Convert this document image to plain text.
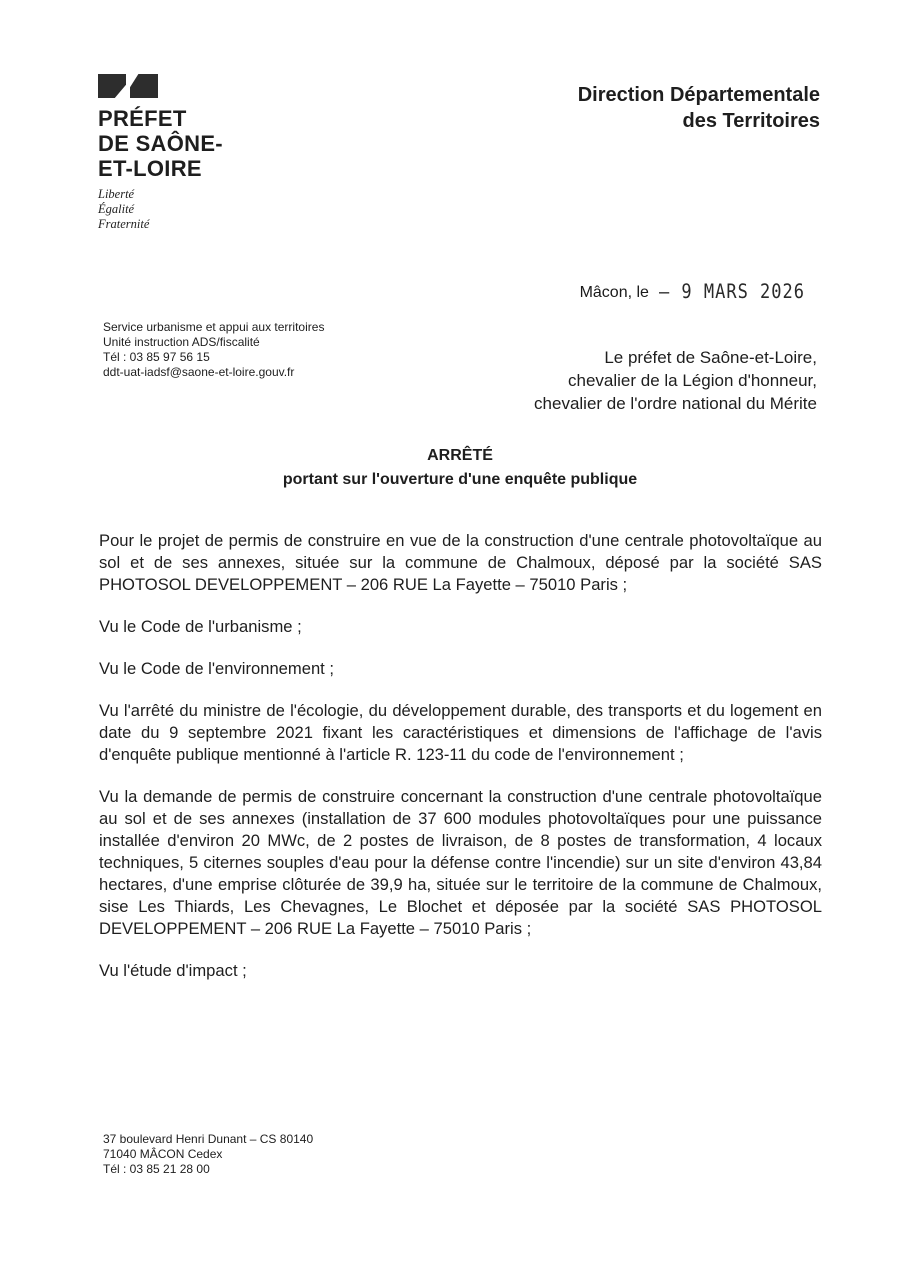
PRÉFET
DE SAÔNE-
ET-LOIRE
Liberté
Égalité
Fraternité
Direction Départementale
des Territoires
Mâcon, le – 9 MARS 2026
Service urbanisme et appui aux territoires
Unité instruction ADS/fiscalité
Tél : 03 85 97 56 15
ddt-uat-iadsf@saone-et-loire.gouv.fr
Le préfet de Saône-et-Loire,
chevalier de la Légion d'honneur,
chevalier de l'ordre national du Mérite
ARRÊTÉ
portant sur l'ouverture d'une enquête publique

Pour le projet de permis de construire en vue de la construction d'une centrale photovoltaïque au sol et de ses annexes, située sur la commune de Chalmoux, déposé par la société SAS PHOTOSOL DEVELOPPEMENT – 206 RUE La Fayette – 75010 Paris ;

Vu le Code de l'urbanisme ;

Vu le Code de l'environnement ;

Vu l'arrêté du ministre de l'écologie, du développement durable, des transports et du logement en date du 9 septembre 2021 fixant les caractéristiques et dimensions de l'affichage de l'avis d'enquête publique mentionné à l'article R. 123-11 du code de l'environnement ;

Vu la demande de permis de construire concernant la construction d'une centrale photovoltaïque au sol et de ses annexes (installation de 37 600 modules photovoltaïques pour une puissance installée d'environ 20 MWc, de 2 postes de livraison, de 8 postes de transformation, 4 locaux techniques, 5 citernes souples d'eau pour la défense contre l'incendie) sur un site d'environ 43,84 hectares, d'une emprise clôturée de 39,9 ha, située sur le territoire de la commune de Chalmoux, sise Les Thiards, Les Chevagnes, Le Blochet et déposée par la société SAS PHOTOSOL DEVELOPPEMENT – 206 RUE La Fayette – 75010 Paris ;

Vu l'étude d'impact ;

37 boulevard Henri Dunant – CS 80140
71040 MÂCON Cedex
Tél : 03 85 21 28 00
